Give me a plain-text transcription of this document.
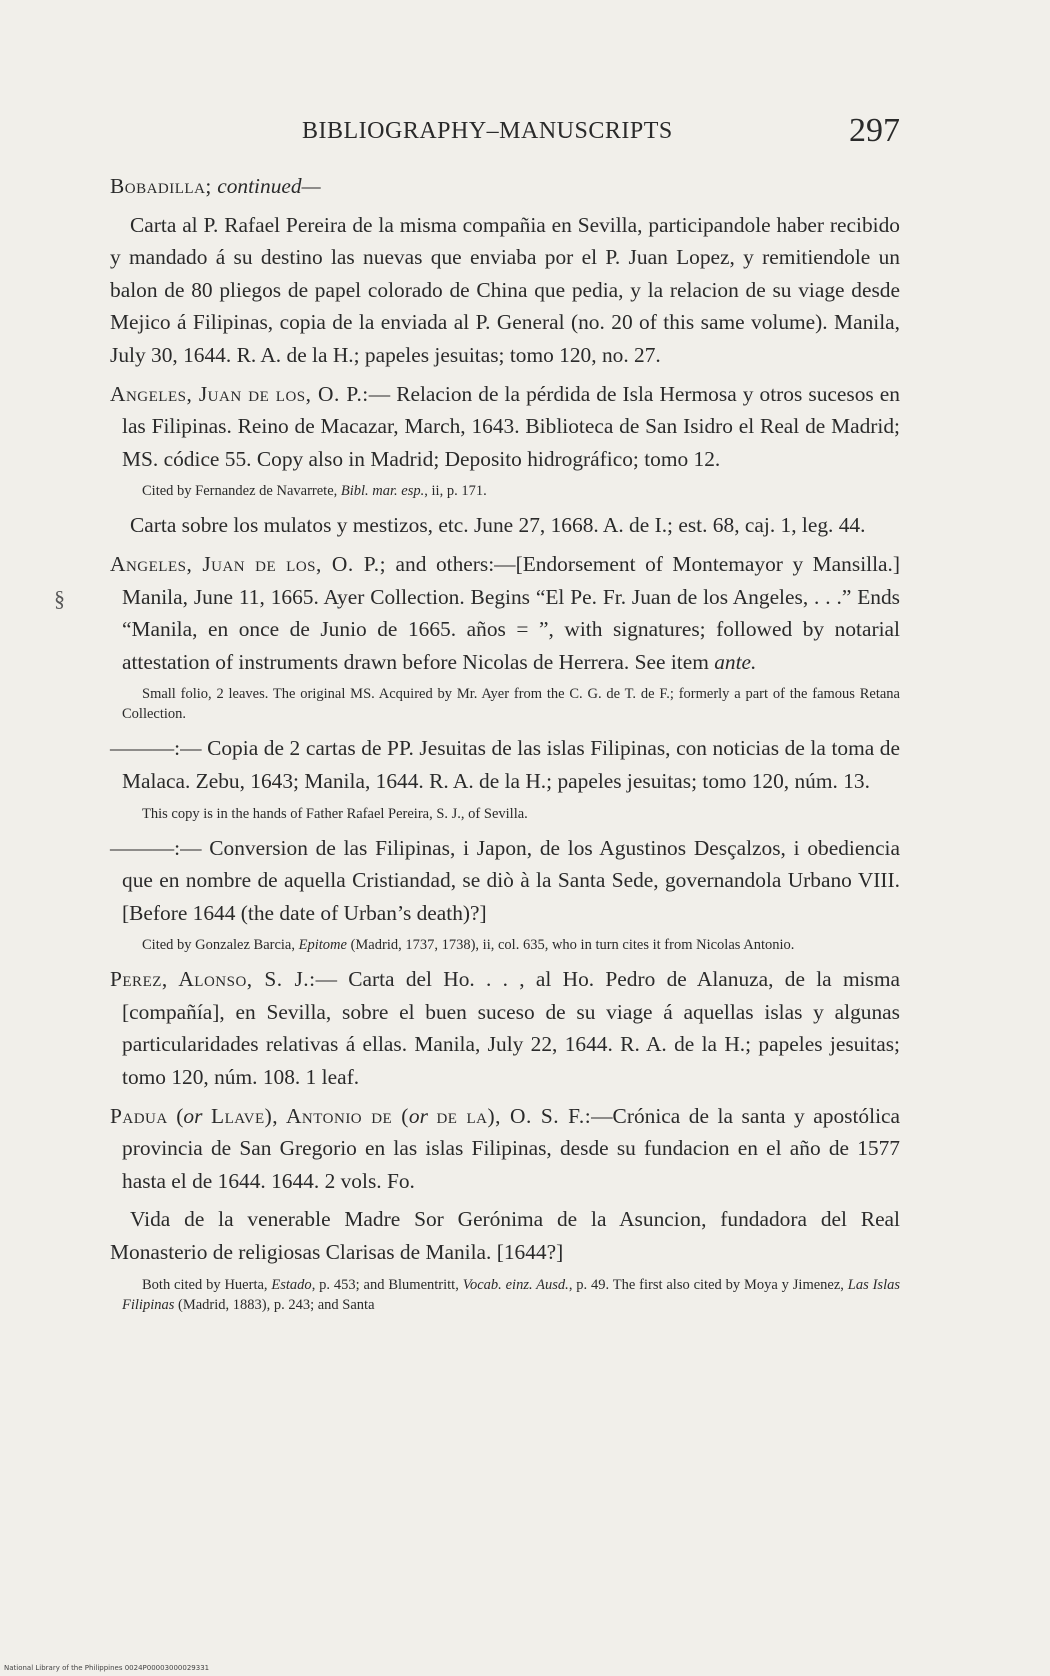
BIBLIOGRAPHY–MANUSCRIPTS	297
§

Bobadilla; continued—

Carta al P. Rafael Pereira de la misma compañia en Sevilla, participandole haber recibido y mandado á su destino las nuevas que enviaba por el P. Juan Lopez, y remitiendole un balon de 80 pliegos de papel colorado de China que pedia, y la relacion de su viage desde Mejico á Filipinas, copia de la enviada al P. General (no. 20 of this same volume). Manila, July 30, 1644. R. A. de la H.; papeles jesuitas; tomo 120, no. 27.

Angeles, Juan de los, O. P.:— Relacion de la pérdida de Isla Hermosa y otros sucesos en las Filipinas. Reino de Macazar, March, 1643. Biblioteca de San Isidro el Real de Madrid; MS. códice 55. Copy also in Madrid; Deposito hidrográfico; tomo 12.

Cited by Fernandez de Navarrete, Bibl. mar. esp., ii, p. 171.

Carta sobre los mulatos y mestizos, etc. June 27, 1668. A. de I.; est. 68, caj. 1, leg. 44.

Angeles, Juan de los, O. P.; and others:—[Endorsement of Montemayor y Mansilla.] Manila, June 11, 1665. Ayer Collection. Begins “El Pe. Fr. Juan de los Angeles, . . .” Ends “Manila, en once de Junio de 1665. años = ”, with signatures; followed by notarial attestation of instruments drawn before Nicolas de Herrera. See item ante.

Small folio, 2 leaves. The original MS. Acquired by Mr. Ayer from the C. G. de T. de F.; formerly a part of the famous Retana Collection.

———:— Copia de 2 cartas de PP. Jesuitas de las islas Filipinas, con noticias de la toma de Malaca. Zebu, 1643; Manila, 1644. R. A. de la H.; papeles jesuitas; tomo 120, núm. 13.

This copy is in the hands of Father Rafael Pereira, S. J., of Sevilla.

———:— Conversion de las Filipinas, i Japon, de los Agustinos Desçalzos, i obediencia que en nombre de aquella Cristiandad, se diò à la Santa Sede, governandola Urbano VIII. [Before 1644 (the date of Urban’s death)?]

Cited by Gonzalez Barcia, Epitome (Madrid, 1737, 1738), ii, col. 635, who in turn cites it from Nicolas Antonio.

Perez, Alonso, S. J.:— Carta del Ho. . . , al Ho. Pedro de Alanuza, de la misma [compañía], en Sevilla, sobre el buen suceso de su viage á aquellas islas y algunas particularidades relativas á ellas. Manila, July 22, 1644. R. A. de la H.; papeles jesuitas; tomo 120, núm. 108. 1 leaf.

Padua (or Llave), Antonio de (or de la), O. S. F.:—Crónica de la santa y apostólica provincia de San Gregorio en las islas Filipinas, desde su fundacion en el año de 1577 hasta el de 1644. 1644. 2 vols. Fo.

Vida de la venerable Madre Sor Gerónima de la Asuncion, fundadora del Real Monasterio de religiosas Clarisas de Manila. [1644?]

Both cited by Huerta, Estado, p. 453; and Blumentritt, Vocab. einz. Ausd., p. 49. The first also cited by Moya y Jimenez, Las Islas Filipinas (Madrid, 1883), p. 243; and Santa

National Library of the Philippines 0024P00003000029331
